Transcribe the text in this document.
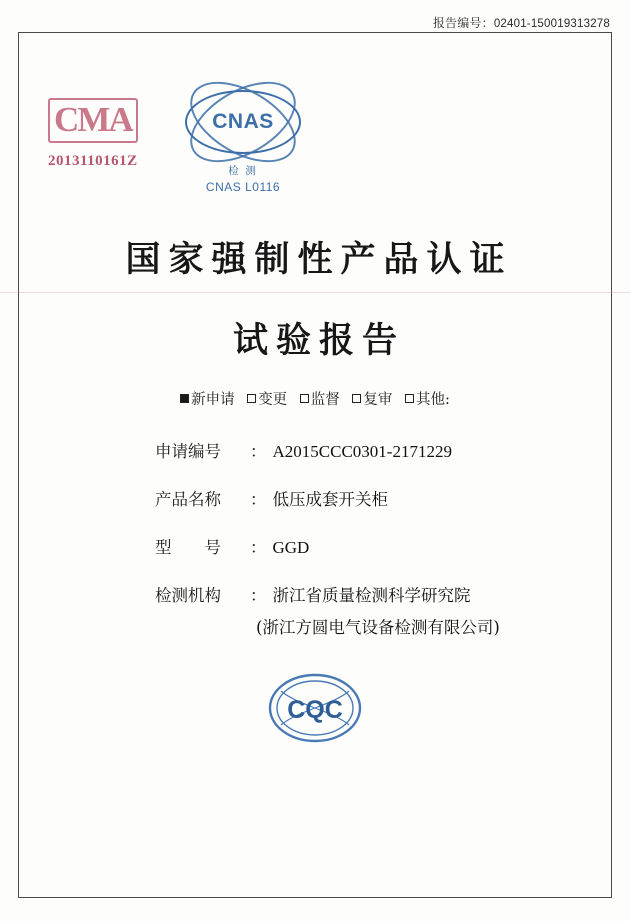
报告编号：02401-150019313278
CMA
2013110161Z
CNAS
检 测
CNAS L0116
国家强制性产品认证
试验报告
新申请 变更 监督 复审 其他:
申请编号	： A2015CCC0301-2171229
产品名称	： 低压成套开关柜
型　　号	： GGD
检测机构	： 浙江省质量检测科学研究院
(浙江方圆电气设备检测有限公司)
CQC
